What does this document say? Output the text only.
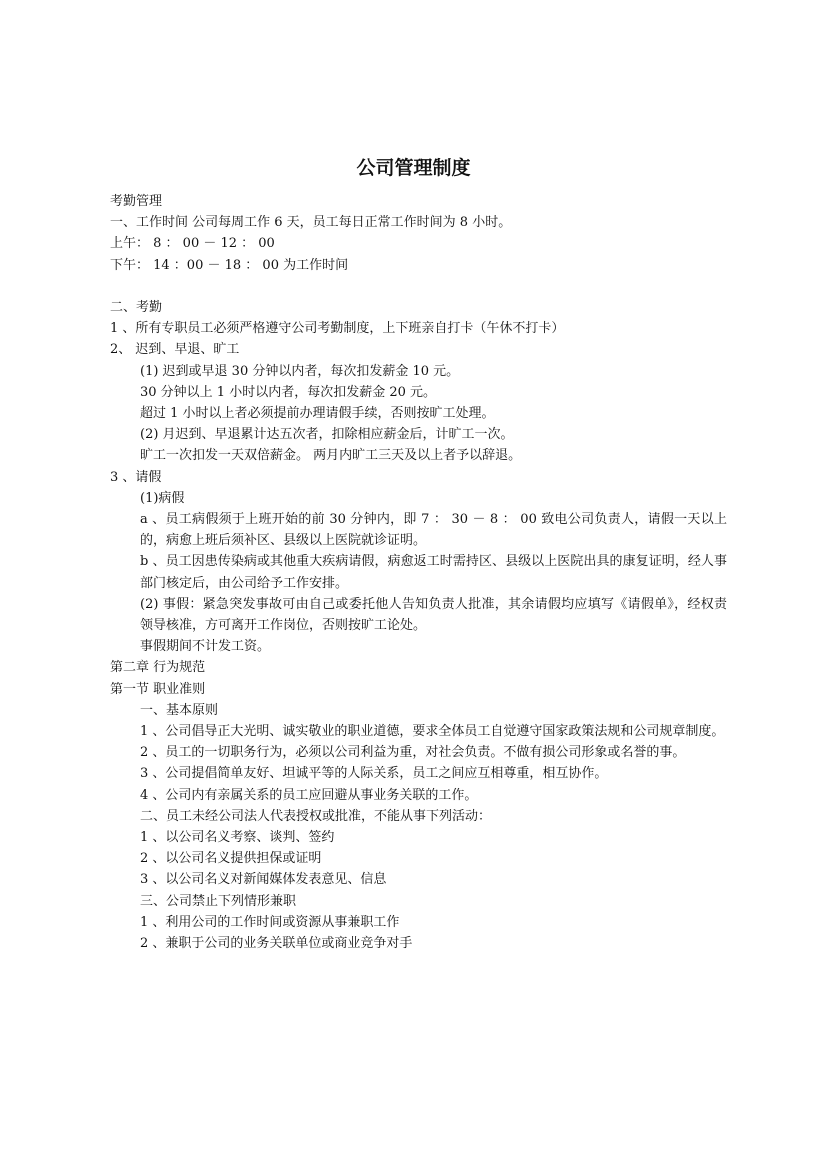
公司管理制度

考勤管理

一、工作时间 公司每周工作 6 天，员工每日正常工作时间为 8 小时。

上午： 8 ： 00 － 12 ： 00

下午： 14 ：00 － 18 ： 00 为工作时间

二、考勤

1 、所有专职员工必须严格遵守公司考勤制度，上下班亲自打卡（午休不打卡）

2、 迟到、早退、旷工

(1) 迟到或早退 30 分钟以内者，每次扣发薪金 10 元。

30 分钟以上 1 小时以内者，每次扣发薪金 20 元。

超过 1 小时以上者必须提前办理请假手续，否则按旷工处理。

(2) 月迟到、早退累计达五次者，扣除相应薪金后，计旷工一次。

旷工一次扣发一天双倍薪金。 两月内旷工三天及以上者予以辞退。

3 、请假

(1)病假

a 、员工病假须于上班开始的前 30 分钟内，即 7 ： 30 － 8 ： 00 致电公司负责人，请假一天以上的，病愈上班后须补区、县级以上医院就诊证明。

b 、员工因患传染病或其他重大疾病请假，病愈返工时需持区、县级以上医院出具的康复证明，经人事部门核定后，由公司给予工作安排。

(2) 事假：紧急突发事故可由自己或委托他人告知负责人批准，其余请假均应填写《请假单》，经权责领导核准，方可离开工作岗位，否则按旷工论处。

事假期间不计发工资。

第二章 行为规范

第一节 职业准则

一、基本原则

1 、公司倡导正大光明、诚实敬业的职业道德，要求全体员工自觉遵守国家政策法规和公司规章制度。

2 、员工的一切职务行为，必须以公司利益为重，对社会负责。不做有损公司形象或名誉的事。

3 、公司提倡简单友好、坦诚平等的人际关系，员工之间应互相尊重，相互协作。

4 、公司内有亲属关系的员工应回避从事业务关联的工作。

二、员工未经公司法人代表授权或批准，不能从事下列活动：

1 、以公司名义考察、谈判、签约

2 、以公司名义提供担保或证明

3 、以公司名义对新闻媒体发表意见、信息

三、公司禁止下列情形兼职

1 、利用公司的工作时间或资源从事兼职工作

2 、兼职于公司的业务关联单位或商业竞争对手
